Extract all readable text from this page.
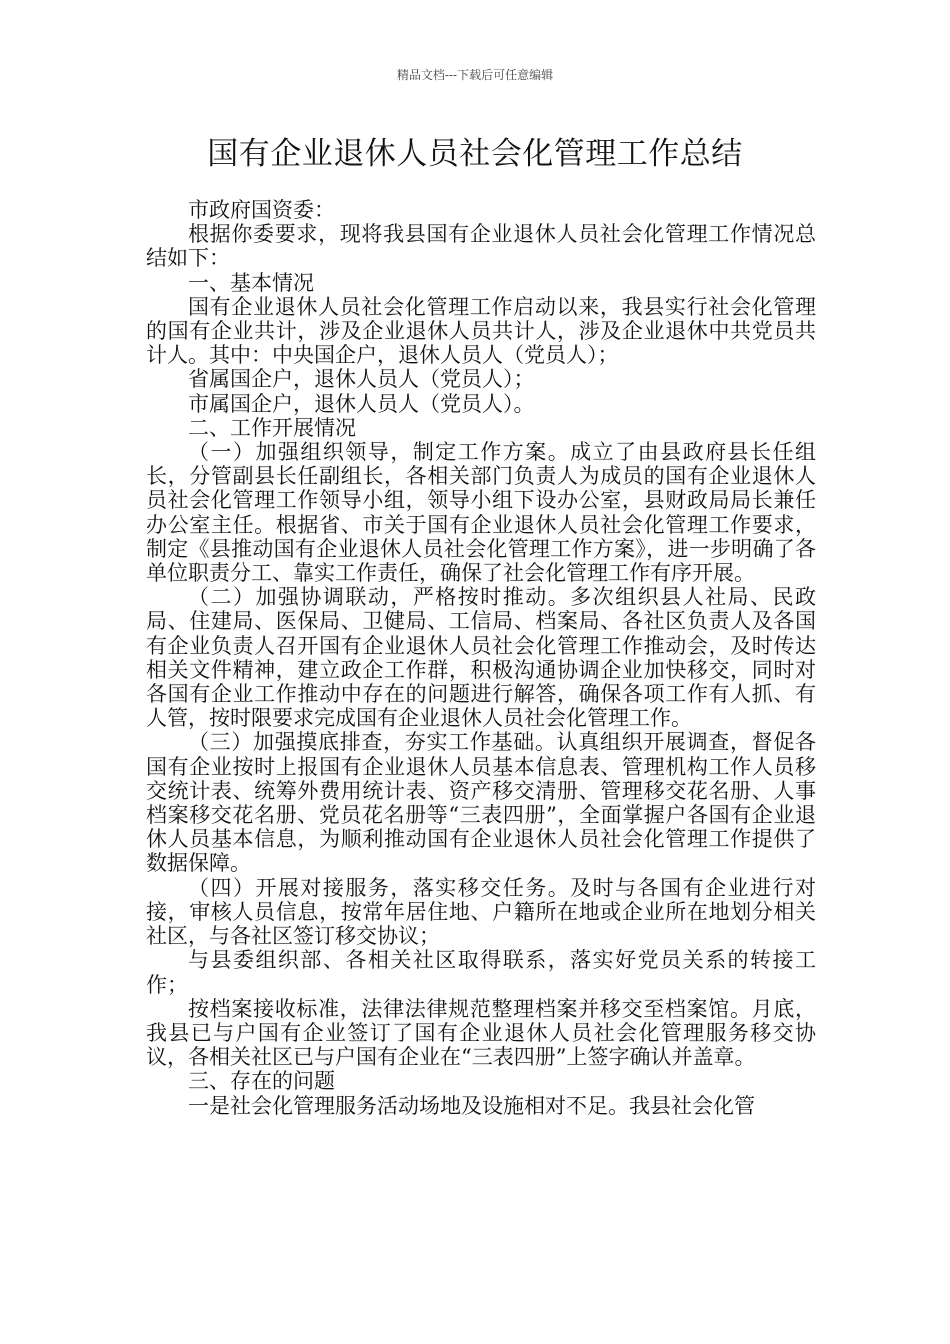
精品文档---下载后可任意编辑
国有企业退休人员社会化管理工作总结

市政府国资委：

根据你委要求，现将我县国有企业退休人员社会化管理工作情况总结如下：

一、基本情况

国有企业退休人员社会化管理工作启动以来，我县实行社会化管理的国有企业共计，涉及企业退休人员共计人，涉及企业退休中共党员共计人。其中：中央国企户，退休人员人（党员人）；

省属国企户，退休人员人（党员人）；

市属国企户，退休人员人（党员人）。

二、工作开展情况

（一）加强组织领导，制定工作方案。成立了由县政府县长任组长，分管副县长任副组长，各相关部门负责人为成员的国有企业退休人员社会化管理工作领导小组，领导小组下设办公室，县财政局局长兼任办公室主任。根据省、市关于国有企业退休人员社会化管理工作要求，制定《县推动国有企业退休人员社会化管理工作方案》，进一步明确了各单位职责分工、靠实工作责任，确保了社会化管理工作有序开展。

（二）加强协调联动，严格按时推动。多次组织县人社局、民政局、住建局、医保局、卫健局、工信局、档案局、各社区负责人及各国有企业负责人召开国有企业退休人员社会化管理工作推动会，及时传达相关文件精神，建立政企工作群，积极沟通协调企业加快移交，同时对各国有企业工作推动中存在的问题进行解答，确保各项工作有人抓、有人管，按时限要求完成国有企业退休人员社会化管理工作。

（三）加强摸底排查，夯实工作基础。认真组织开展调查，督促各国有企业按时上报国有企业退休人员基本信息表、管理机构工作人员移交统计表、统筹外费用统计表、资产移交清册、管理移交花名册、人事档案移交花名册、党员花名册等“三表四册”，全面掌握户各国有企业退休人员基本信息，为顺利推动国有企业退休人员社会化管理工作提供了数据保障。

（四）开展对接服务，落实移交任务。及时与各国有企业进行对接，审核人员信息，按常年居住地、户籍所在地或企业所在地划分相关社区，与各社区签订移交协议；

与县委组织部、各相关社区取得联系，落实好党员关系的转接工作；

按档案接收标准，法律法律规范整理档案并移交至档案馆。月底，我县已与户国有企业签订了国有企业退休人员社会化管理服务移交协议，各相关社区已与户国有企业在“三表四册”上签字确认并盖章。

三、存在的问题

一是社会化管理服务活动场地及设施相对不足。我县社会化管
